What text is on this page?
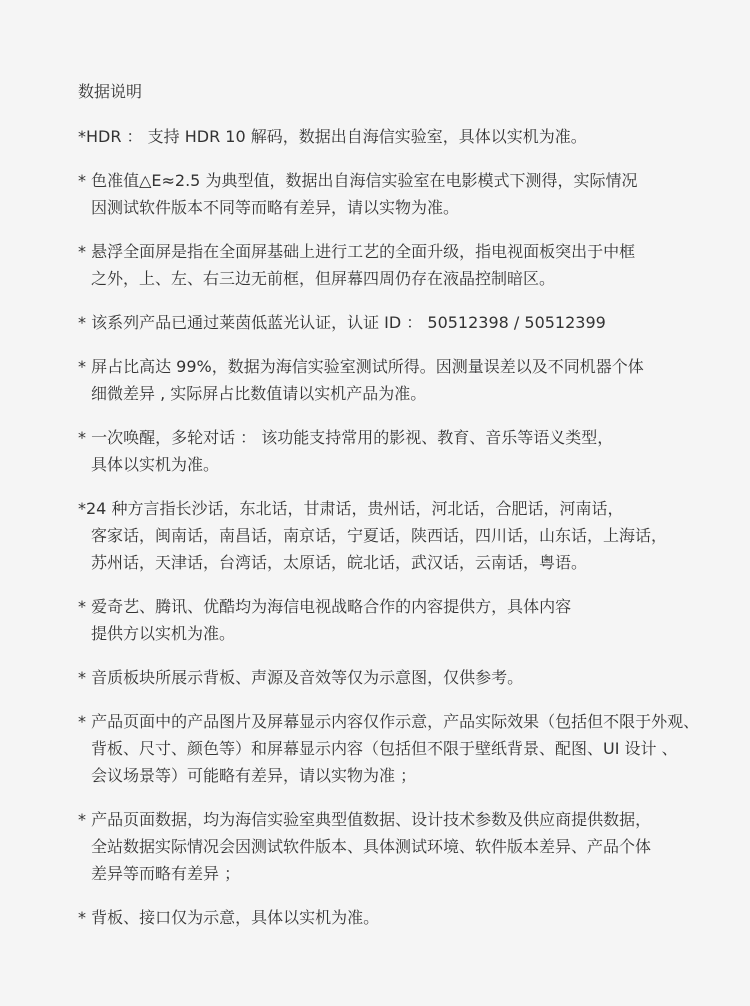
数据说明
*HDR ： 支持 HDR 10 解码，数据出自海信实验室，具体以实机为准。
* 色准值△E≈2.5 为典型值，数据出自海信实验室在电影模式下测得，实际情况
因测试软件版本不同等而略有差异，请以实物为准。
* 悬浮全面屏是指在全面屏基础上进行工艺的全面升级，指电视面板突出于中框
之外，上、左、右三边无前框，但屏幕四周仍存在液晶控制暗区。
* 该系列产品已通过莱茵低蓝光认证，认证 ID ： 50512398 / 50512399
* 屏占比高达 99%，数据为海信实验室测试所得。因测量误差以及不同机器个体
细微差异 , 实际屏占比数值请以实机产品为准。
* 一次唤醒，多轮对话 ： 该功能支持常用的影视、教育、音乐等语义类型，
具体以实机为准。
*24 种方言指长沙话，东北话，甘肃话，贵州话，河北话，合肥话，河南话，
客家话，闽南话，南昌话，南京话，宁夏话，陕西话，四川话，山东话，上海话，
苏州话，天津话，台湾话，太原话，皖北话，武汉话，云南话，粤语。
* 爱奇艺、腾讯、优酷均为海信电视战略合作的内容提供方，具体内容
提供方以实机为准。
* 音质板块所展示背板、声源及音效等仅为示意图，仅供参考。
* 产品页面中的产品图片及屏幕显示内容仅作示意，产品实际效果（包括但不限于外观、
背板、尺寸、颜色等）和屏幕显示内容（包括但不限于壁纸背景、配图、UI 设计 、
会议场景等）可能略有差异，请以实物为准 ；
* 产品页面数据，均为海信实验室典型值数据、设计技术参数及供应商提供数据，
全站数据实际情况会因测试软件版本、具体测试环境、软件版本差异、产品个体
差异等而略有差异 ；
* 背板、接口仅为示意，具体以实机为准。
